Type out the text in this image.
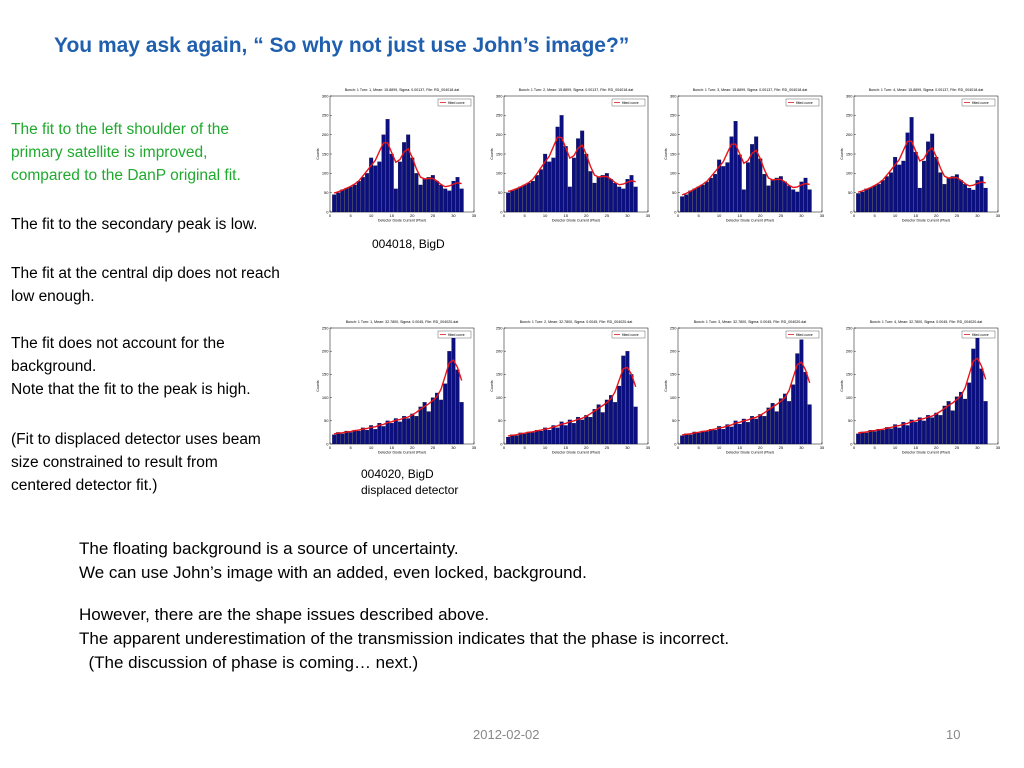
You may ask again, “ So why not just use John’s image?”
The fit to the left shoulder of the
primary satellite is improved,
compared to the DanP original fit.
The fit to the secondary peak is low.
The fit at the central dip does not reach
low enough.
The fit does not account for the
background.
Note that the fit to the peak is high.
(Fit to displaced detector uses beam
size constrained to result from
centered detector fit.)
Bunch: 1 Turn: 1, Mean: 15.8899, Sigma: 0.00137, File: RD_004018.dat
0
50
100
150
200
250
300
0	5	10	15	20	25	30	35
fitted curve
Detector Diode Current (Pixel)
Counts
Bunch: 1 Turn: 2, Mean: 15.8899, Sigma: 0.00137, File: RD_004018.dat
0
50
100
150
200
250
300
0	5	10	15	20	25	30	35
fitted curve
Detector Diode Current (Pixel)
Counts
Bunch: 1 Turn: 3, Mean: 15.8899, Sigma: 0.00137, File: RD_004018.dat
0
50
100
150
200
250
300
0	5	10	15	20	25	30	35
fitted curve
Detector Diode Current (Pixel)
Counts
Bunch: 1 Turn: 4, Mean: 15.8899, Sigma: 0.00137, File: RD_004018.dat
0
50
100
150
200
250
300
0	5	10	15	20	25	30	35
fitted curve
Detector Diode Current (Pixel)
Counts
004018, BigD
Bunch: 1 Turn: 1, Mean: 32.7800, Sigma: 0.0045, File: RD_004020.dat
0
50
100
150
200
250
0	5	10	15	20	25	30	35
fitted curve
Detector Diode Current (Pixel)
Counts
Bunch: 1 Turn: 2, Mean: 32.7800, Sigma: 0.0045, File: RD_004020.dat
0
50
100
150
200
250
0	5	10	15	20	25	30	35
fitted curve
Detector Diode Current (Pixel)
Counts
Bunch: 1 Turn: 3, Mean: 32.7800, Sigma: 0.0045, File: RD_004020.dat
0
50
100
150
200
250
0	5	10	15	20	25	30	35
fitted curve
Detector Diode Current (Pixel)
Counts
Bunch: 1 Turn: 4, Mean: 32.7800, Sigma: 0.0045, File: RD_004020.dat
0
50
100
150
200
250
0	5	10	15	20	25	30	35
fitted curve
Detector Diode Current (Pixel)
Counts
004020, BigD
displaced detector
The floating background is a source of uncertainty.
We can use John’s image with an added, even locked, background.
However, there are the shape issues described above.
The apparent underestimation of the transmission indicates that the phase is incorrect.
(The discussion of phase is coming… next.)
2012-02-02	10
